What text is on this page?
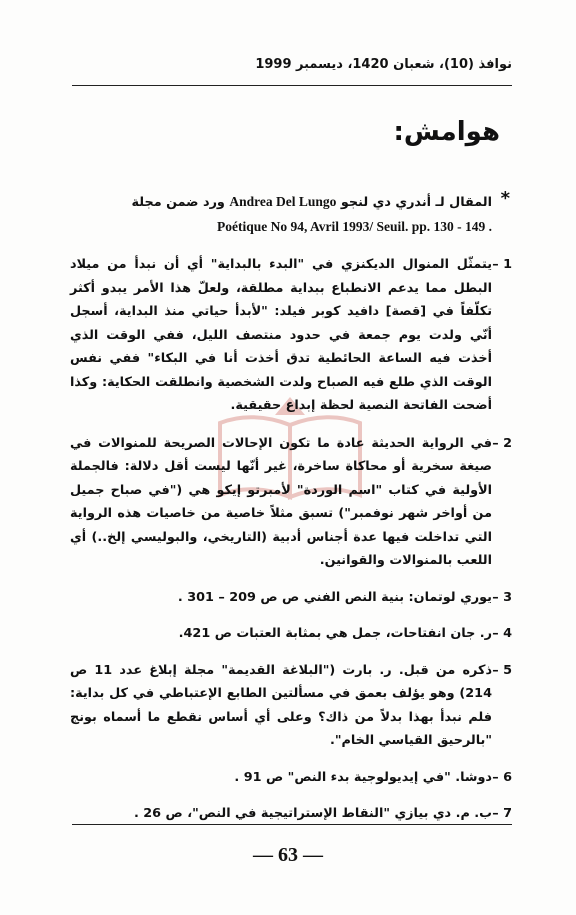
نوافذ (10)، شعبان 1420، ديسمبر 1999
هوامش:
*
المقال لـ أندري دي لنجو Andrea Del Lungo ورد ضمن مجلة
Poétique No 94, Avril 1993/ Seuil. pp. 130 - 149 .
1 –
يتمثّل المنوال الديكنزي في "البدء بالبداية" أي أن نبدأ من ميلاد البطل مما يدعم الانطباع ببداية مطلقة، ولعلّ هذا الأمر يبدو أكثر تكلّفاً في [قصة] دافيد كوبر فيلد: "لأبدأ حياتي منذ البداية، أسجل أنّي ولدت يوم جمعة في حدود منتصف الليل، ففي الوقت الذي أخذت فيه الساعة الحائطية تدق أخذت أنا في البكاء" ففي نفس الوقت الذي طلع فيه الصباح ولدت الشخصية وانطلقت الحكاية: وكذا أضحت الفاتحة النصية لحظة إبداع حقيقية.
2 –
في الرواية الحديثة عادة ما تكون الإحالات الصريحة للمنوالات في صيغة سخرية أو محاكاة ساخرة، غير أنّها ليست أقل دلالة: فالجملة الأولية في كتاب "اسم الوردة" لأمبرتو إيكو هي ("في صباح جميل من أواخر شهر نوفمبر") تسبق مثلاً خاصية من خاصيات هذه الرواية التي تداخلت فيها عدة أجناس أدبية (التاريخي، والبوليسي إلخ..) أي اللعب بالمنوالات والقوانين.
3 –
يوري لوتمان: بنية النص الفني ص ص 209 – 301 .
4 –
ر. جان انفتاحات، جمل هي بمثابة العتبات ص 421.
5 –
ذكره من قبل. ر. بارت ("البلاغة القديمة" مجلة إبلاغ عدد 11 ص 214) وهو يؤلف بعمق في مسألتين الطابع الإعتباطي في كل بداية: فلم نبدأ بهذا بدلاً من ذاك؟ وعلى أي أساس نقطع ما أسماه بونج "بالرحيق القياسي الخام".
6 –
دوشا. "في إيديولوجية بدء النص" ص 91 .
7 –
ب. م. دي بيازي "النقاط الإستراتيجية في النص"، ص 26 .
— 63 —
